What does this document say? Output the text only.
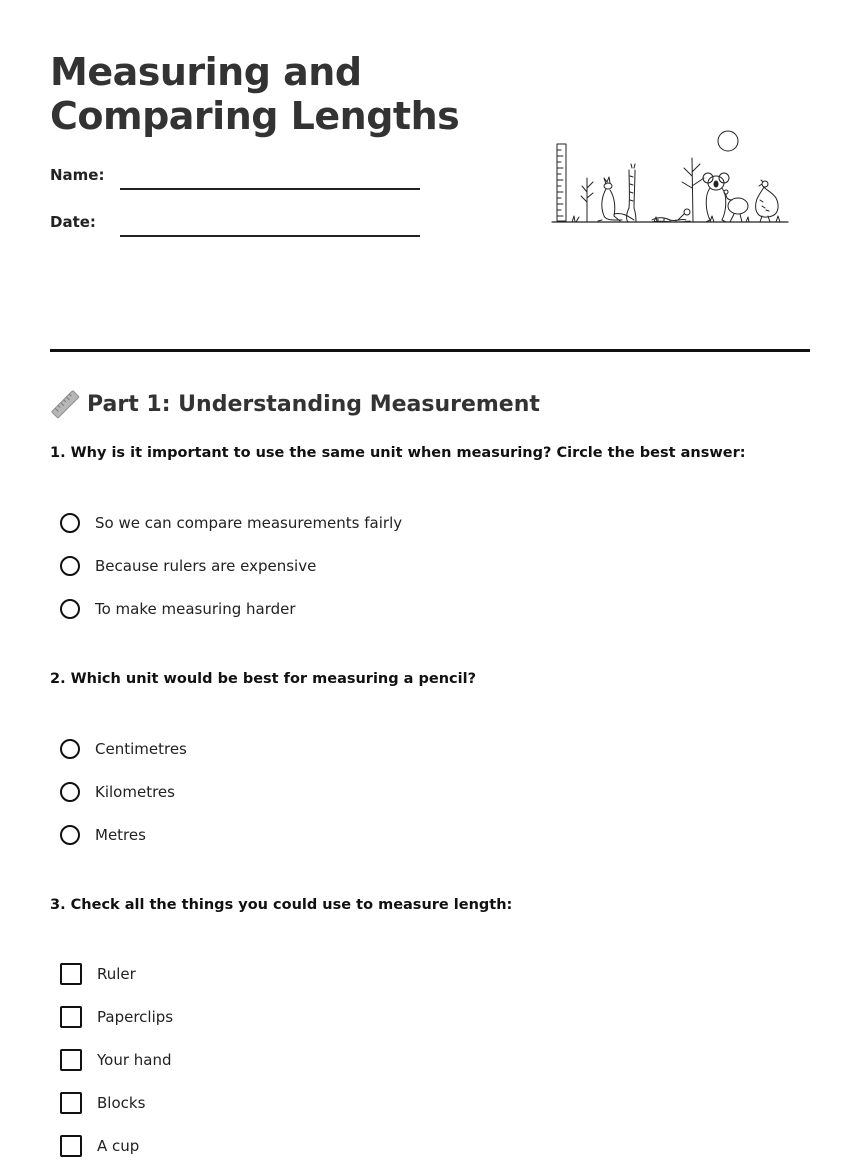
Measuring and
Comparing Lengths
Name:
Date:
Part 1: Understanding Measurement
1. Why is it important to use the same unit when measuring? Circle the best answer:
So we can compare measurements fairly
Because rulers are expensive
To make measuring harder
2. Which unit would be best for measuring a pencil?
Centimetres
Kilometres
Metres
3. Check all the things you could use to measure length:
Ruler
Paperclips
Your hand
Blocks
A cup
